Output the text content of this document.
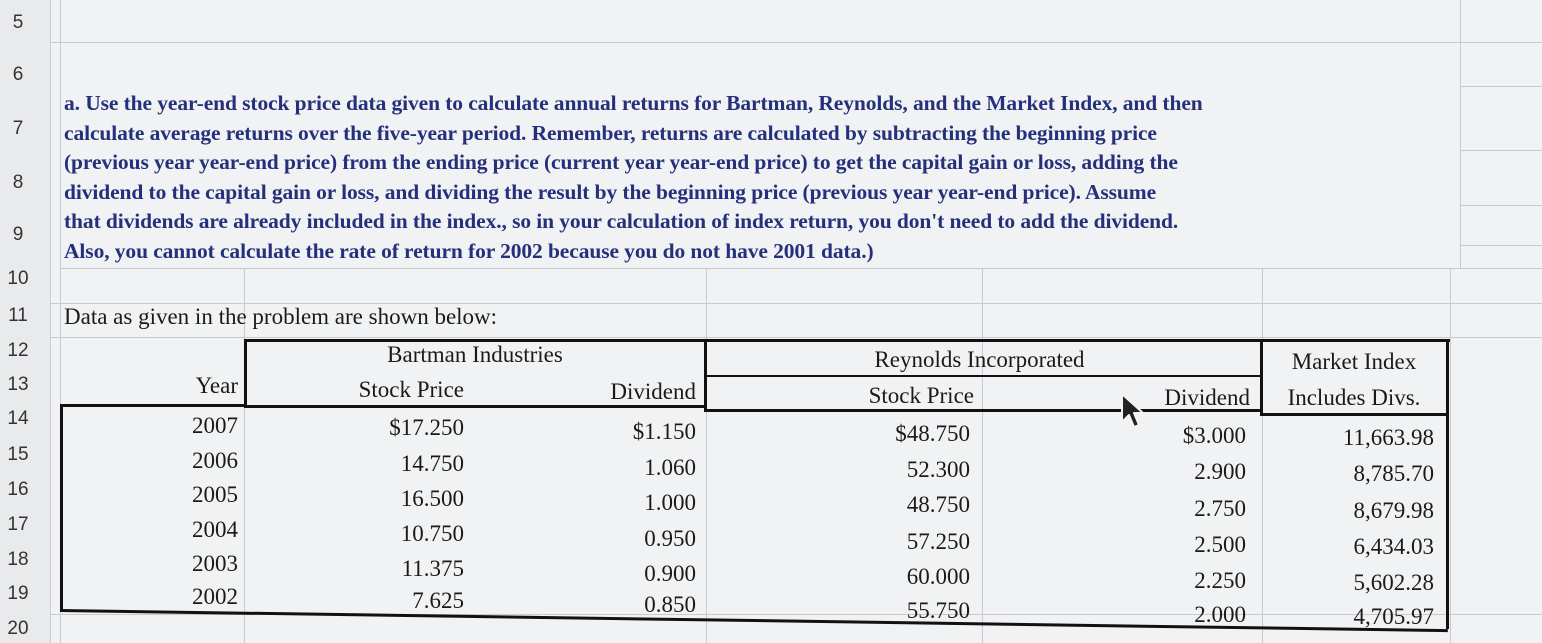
5
6
7
8
9
10
11
12
13
14
15
16
17
18
19
20
a. Use the year-end stock price data given to calculate annual returns for Bartman, Reynolds, and the Market Index, and then
calculate average returns over the five-year period. Remember, returns are calculated by subtracting the beginning price
(previous year year-end price) from the ending price (current year year-end price) to get the capital gain or loss, adding the
dividend to the capital gain or loss, and dividing the result by the beginning price (previous year year-end price). Assume
that dividends are already included in the index., so in your calculation of index return, you don't need to add the dividend.
Also, you cannot calculate the rate of return for 2002 because you do not have 2001 data.)
Data as given in the problem are shown below:
Bartman Industries	Reynolds Incorporated	Market Index
Year	Stock Price	Dividend	Stock Price	Dividend	Includes Divs.
2007	$17.250	$1.150	$48.750	$3.000	11,663.98
2006	14.750	1.060	52.300	2.900	8,785.70
2005	16.500	1.000	48.750	2.750	8,679.98
2004	10.750	0.950	57.250	2.500	6,434.03
2003	11.375	0.900	60.000	2.250	5,602.28
2002	7.625	0.850	55.750	2.000	4,705.97
